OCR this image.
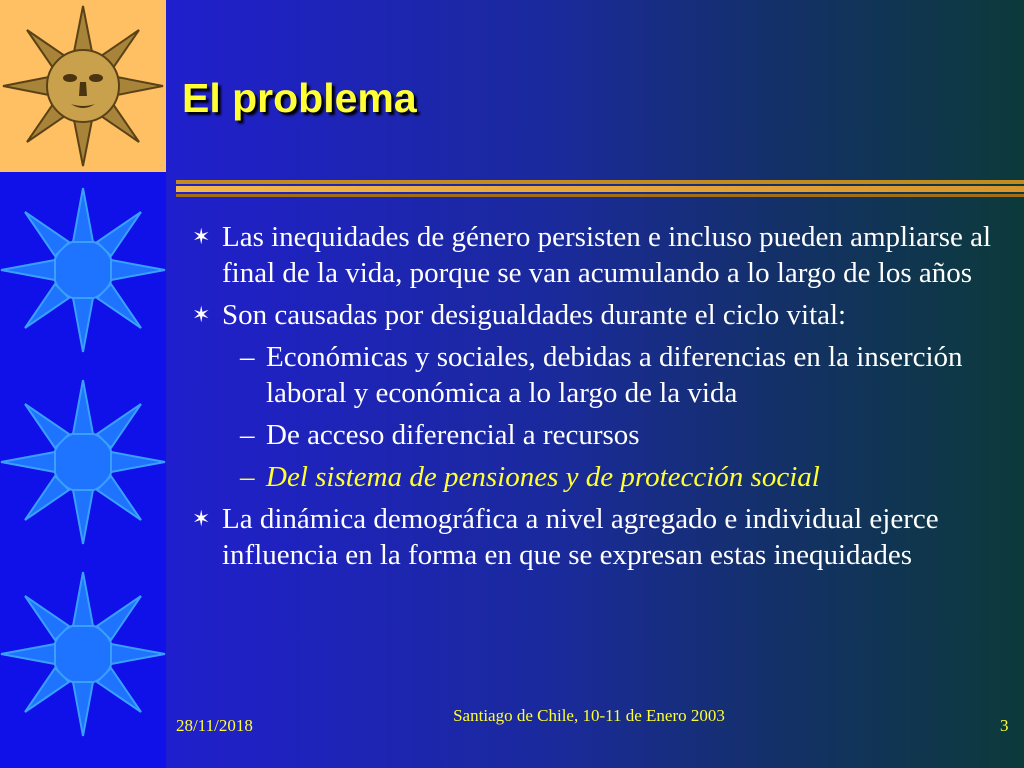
El problema
✶ Las inequidades de género persisten e incluso pueden ampliarse al final de la vida, porque se van acumulando a lo largo de los años
✶ Son causadas por desigualdades durante el ciclo vital:
– Económicas y sociales, debidas a diferencias en la inserción laboral y económica a lo largo de la vida
– De acceso diferencial a recursos
– Del sistema de pensiones y de protección social
✶ La dinámica demográfica a nivel agregado e individual ejerce influencia en la forma en que se expresan estas inequidades
28/11/2018
Santiago de Chile, 10-11 de Enero 2003
3
